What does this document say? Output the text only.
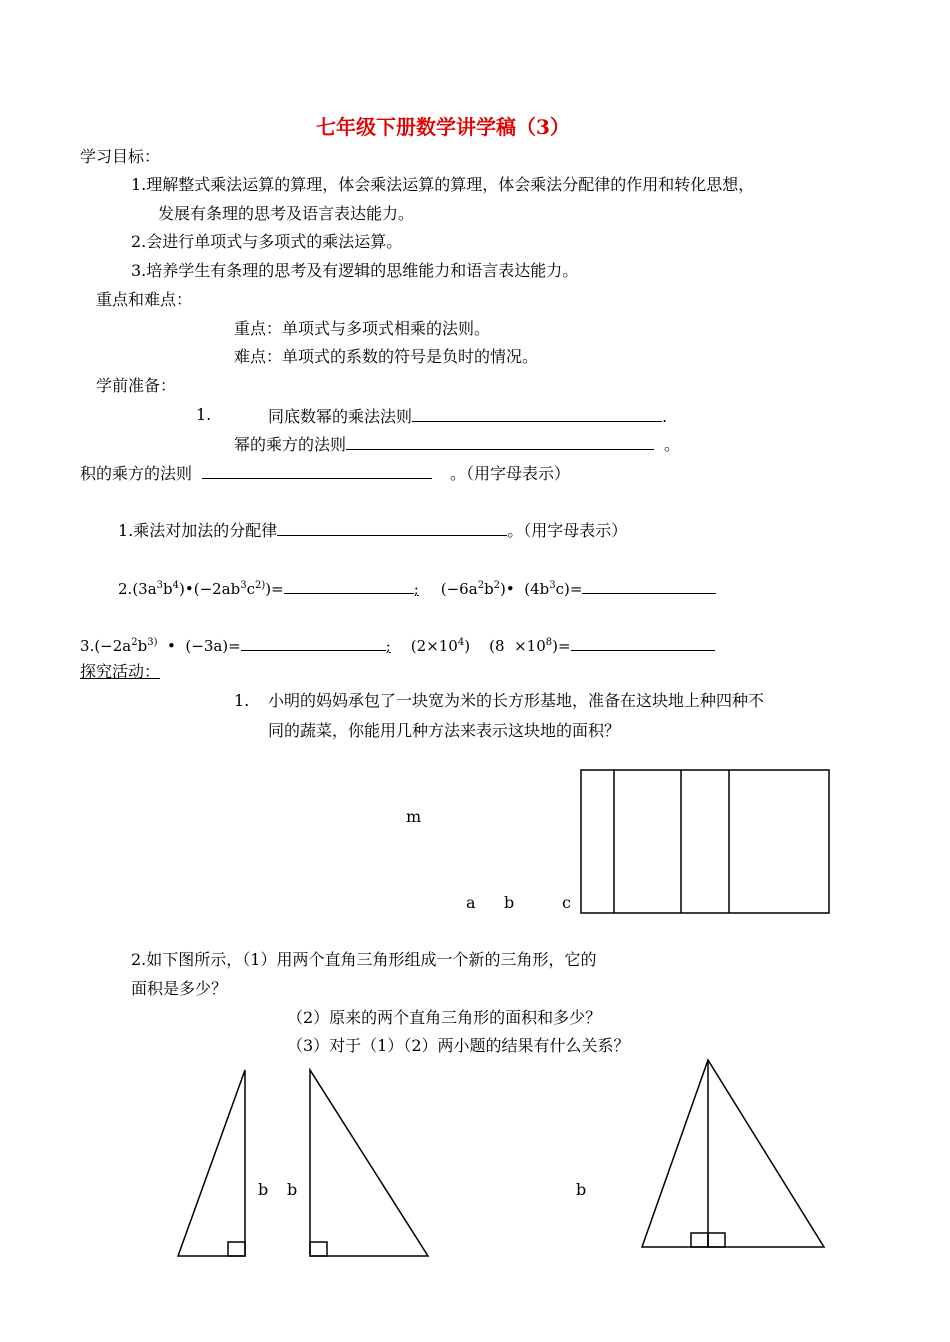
七年级下册数学讲学稿（3）
学习目标：
1.理解整式乘法运算的算理，体会乘法运算的算理，体会乘法分配律的作用和转化思想，
发展有条理的思考及语言表达能力。
2.会进行单项式与多项式的乘法运算。
3.培养学生有条理的思考及有逻辑的思维能力和语言表达能力。
重点和难点：
重点：单项式与多项式相乘的法则。
难点：单项式的系数的符号是负时的情况。
学前准备：
1.	同底数幂的乘法法则	.
幂的乘方的法则	。
积的乘方的法则	。（用字母表示）
1.乘法对加法的分配律	。（用字母表示）
$2.(3a^3b^4)•(-2ab^3c^{2)})=$	; $(-6a^2b^2)•$  $(4b^3c)=$
$3.(-2a^2b^{3)}$  •  (−3a)=	; $(2\times 10^4)$    $(8 \times 10^8)=$
探究活动：
1. 小明的妈妈承包了一块宽为米的长方形基地，准备在这块地上种四种不
同的蔬菜，你能用几种方法来表示这块地的面积？
m
a b	c
2.如下图所示，（1）用两个直角三角形组成一个新的三角形，它的
面积是多少？
（2）原来的两个直角三角形的面积和多少？
（3）对于（1）（2）两小题的结果有什么关系？
b b	b
